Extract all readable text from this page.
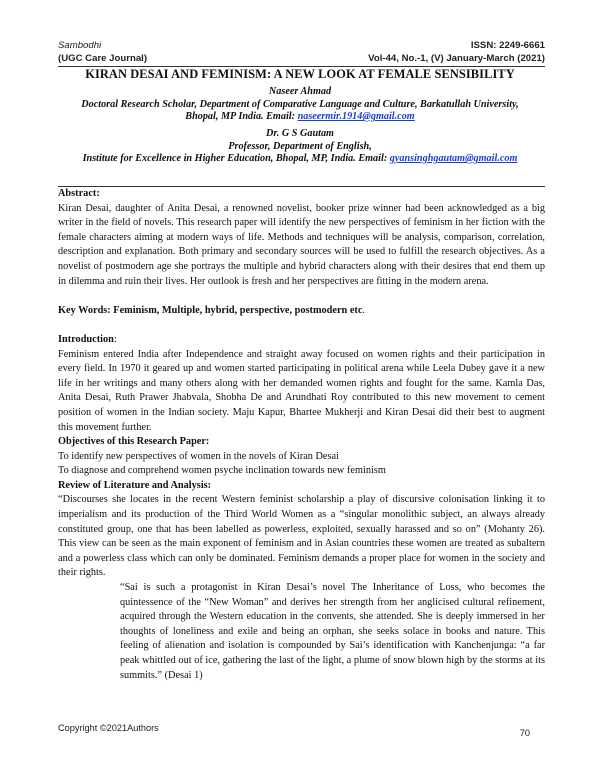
Sambodhi	ISSN: 2249-6661
(UGC Care Journal)	Vol-44, No.-1, (V) January-March (2021)
KIRAN DESAI AND FEMINISM: A NEW LOOK AT FEMALE SENSIBILITY
Naseer Ahmad
Doctoral Research Scholar, Department of Comparative Language and Culture, Barkatullah University,
Bhopal, MP India. Email: naseermir.1914@gmail.com
Dr. G S Gautam
Professor, Department of English,
Institute for Excellence in Higher Education, Bhopal, MP, India. Email: gyansinghgautam@gmail.com
Abstract:

Kiran Desai, daughter of Anita Desai, a renowned novelist, booker prize winner had been acknowledged as a big writer in the field of novels. This research paper will identify the new perspectives of feminism in her fiction with the female characters aiming at modern ways of life. Methods and techniques will be analysis, comparison, correlation, description and explanation. Both primary and secondary sources will be used to fulfill the research objectives. As a novelist of postmodern age she portrays the multiple and hybrid characters along with their desires that end them up in dilemma and ruin their lives. Her outlook is fresh and her perspectives are fitting in the modern arena.

Key Words: Feminism, Multiple, hybrid, perspective, postmodern etc.
Introduction:

Feminism entered India after Independence and straight away focused on women rights and their participation in every field. In 1970 it geared up and women started participating in political arena while Leela Dubey gave it a new life in her writings and many others along with her demanded women rights and fought for the same. Kamla Das, Anita Desai, Ruth Prawer Jhabvala, Shobha De and Arundhati Roy contributed to this new movement to cement position of women in the Indian society. Maju Kapur, Bhartee Mukherji and Kiran Desai did their best to augment this movement further.

Objectives of this Research Paper:
To identify new perspectives of women in the novels of Kiran Desai
To diagnose and comprehend women psyche inclination towards new feminism
Review of Literature and Analysis:

“Discourses she locates in the recent Western feminist scholarship a play of discursive colonisation linking it to imperialism and its production of the Third World Women as a “singular monolithic subject, an always already constituted group, one that has been labelled as powerless, exploited, sexually harassed and so on” (Mohanty 26). This view can be seen as the main exponent of feminism and in Asian countries these women are treated as subaltern and a powerless class which can only be dominated. Feminism demands a proper place for women in the society and their rights.

“Sai is such a protagonist in Kiran Desai’s novel The Inheritance of Loss, who becomes the quintessence of the “New Woman” and derives her strength from her anglicised cultural refinement, acquired through the Western education in the convents, she attended. She is deeply immersed in her thoughts of loneliness and exile and being an orphan, she seeks solace in books and nature. This feeling of alienation and isolation is compounded by Sai’s identification with Kanchenjunga: “a far peak whittled out of ice, gathering the last of the light, a plume of snow blown high by the storms at its summits.” (Desai 1)

Copyright ©2021Authors	70
